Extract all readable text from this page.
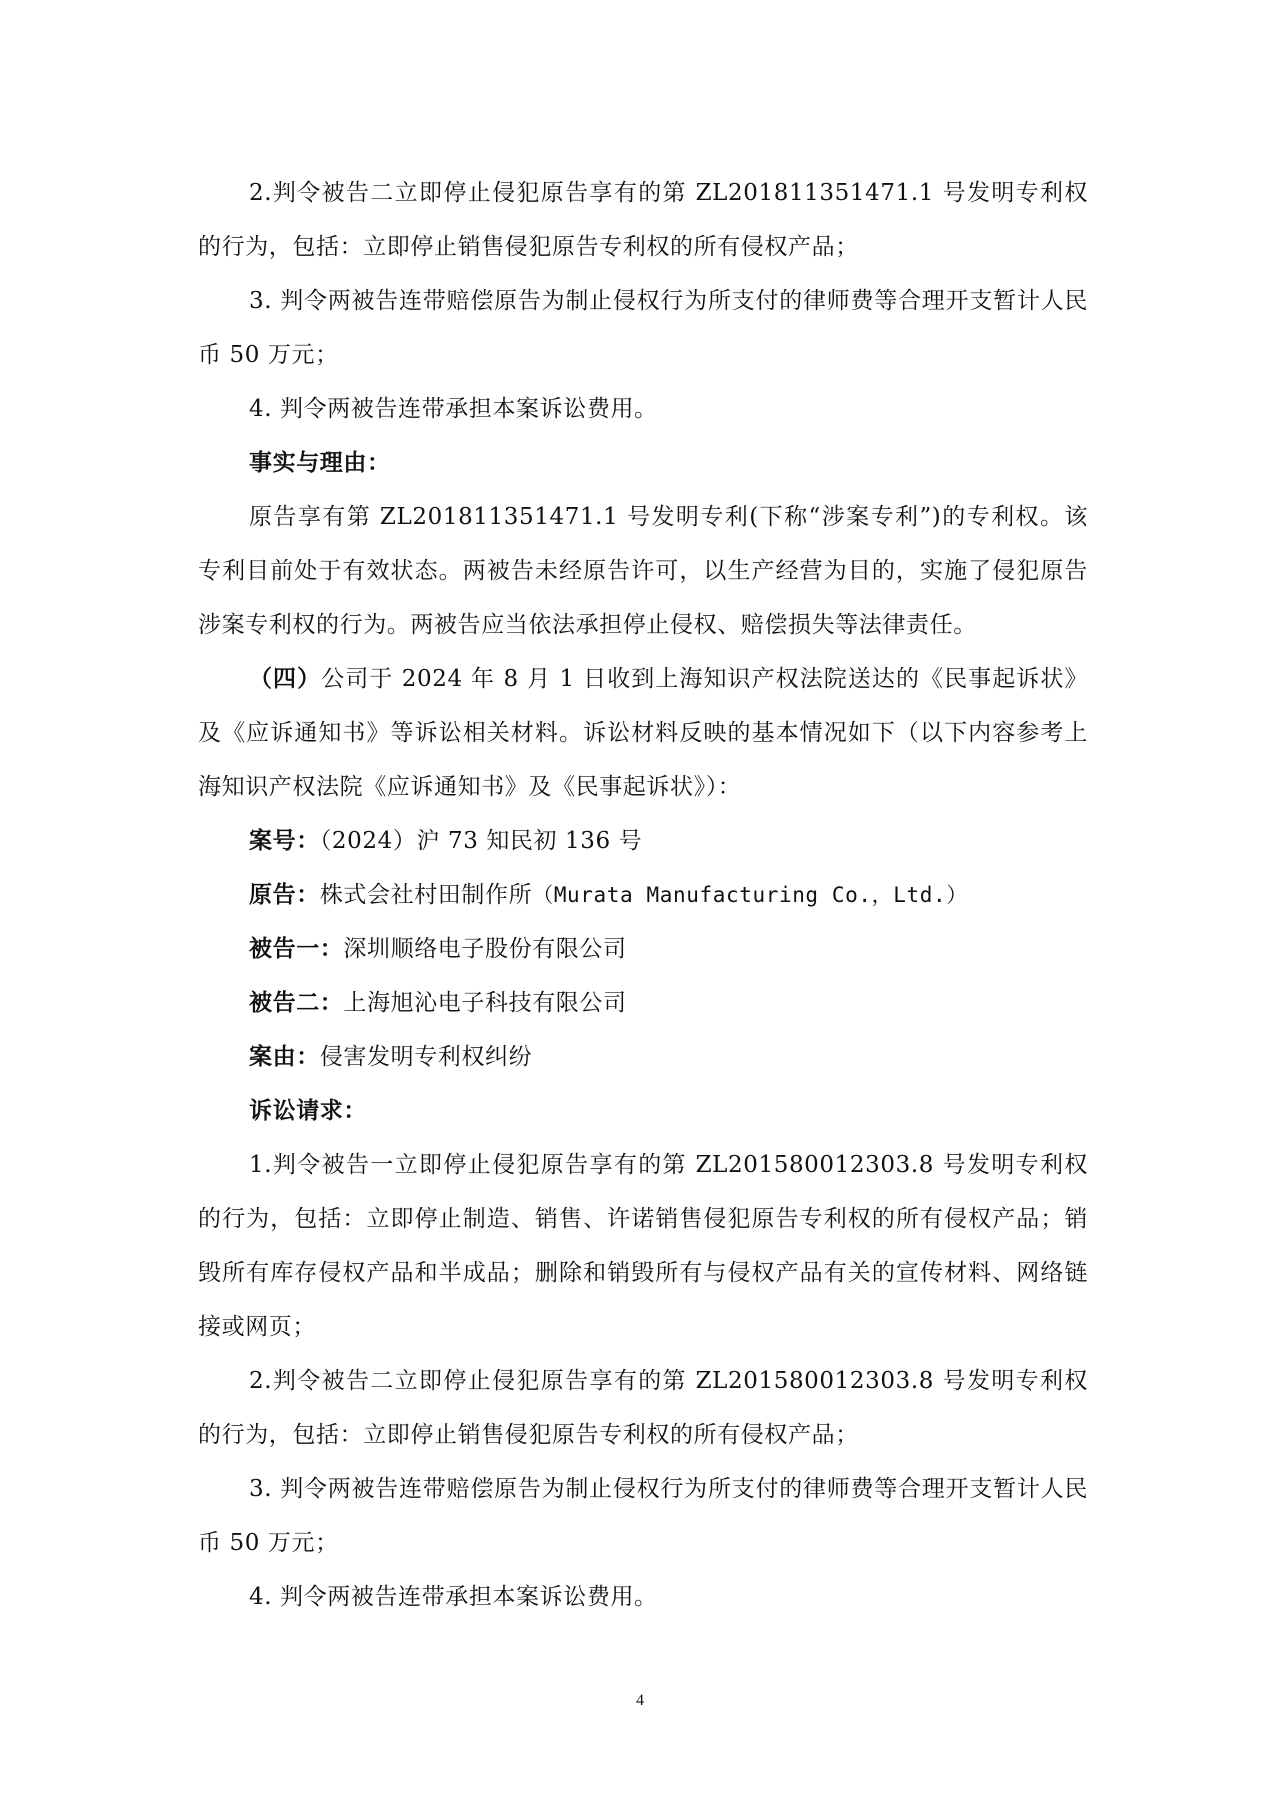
2.判令被告二立即停止侵犯原告享有的第 ZL201811351471.1 号发明专利权的行为，包括：立即停止销售侵犯原告专利权的所有侵权产品；

3. 判令两被告连带赔偿原告为制止侵权行为所支付的律师费等合理开支暂计人民币 50 万元；

4. 判令两被告连带承担本案诉讼费用。

事实与理由：

原告享有第 ZL201811351471.1 号发明专利(下称“涉案专利”)的专利权。该专利目前处于有效状态。两被告未经原告许可，以生产经营为目的，实施了侵犯原告涉案专利权的行为。两被告应当依法承担停止侵权、赔偿损失等法律责任。

（四）公司于 2024 年 8 月 1 日收到上海知识产权法院送达的《民事起诉状》及《应诉通知书》等诉讼相关材料。诉讼材料反映的基本情况如下（以下内容参考上海知识产权法院《应诉通知书》及《民事起诉状》）：

案号：（2024）沪 73 知民初 136 号

原告：株式会社村田制作所（Murata Manufacturing Co.，Ltd.）

被告一：深圳顺络电子股份有限公司

被告二：上海旭沁电子科技有限公司

案由：侵害发明专利权纠纷

诉讼请求：

1.判令被告一立即停止侵犯原告享有的第 ZL201580012303.8 号发明专利权的行为，包括：立即停止制造、销售、许诺销售侵犯原告专利权的所有侵权产品；销毁所有库存侵权产品和半成品；删除和销毁所有与侵权产品有关的宣传材料、网络链接或网页；

2.判令被告二立即停止侵犯原告享有的第 ZL201580012303.8 号发明专利权的行为，包括：立即停止销售侵犯原告专利权的所有侵权产品；

3. 判令两被告连带赔偿原告为制止侵权行为所支付的律师费等合理开支暂计人民币 50 万元；

4. 判令两被告连带承担本案诉讼费用。

4
